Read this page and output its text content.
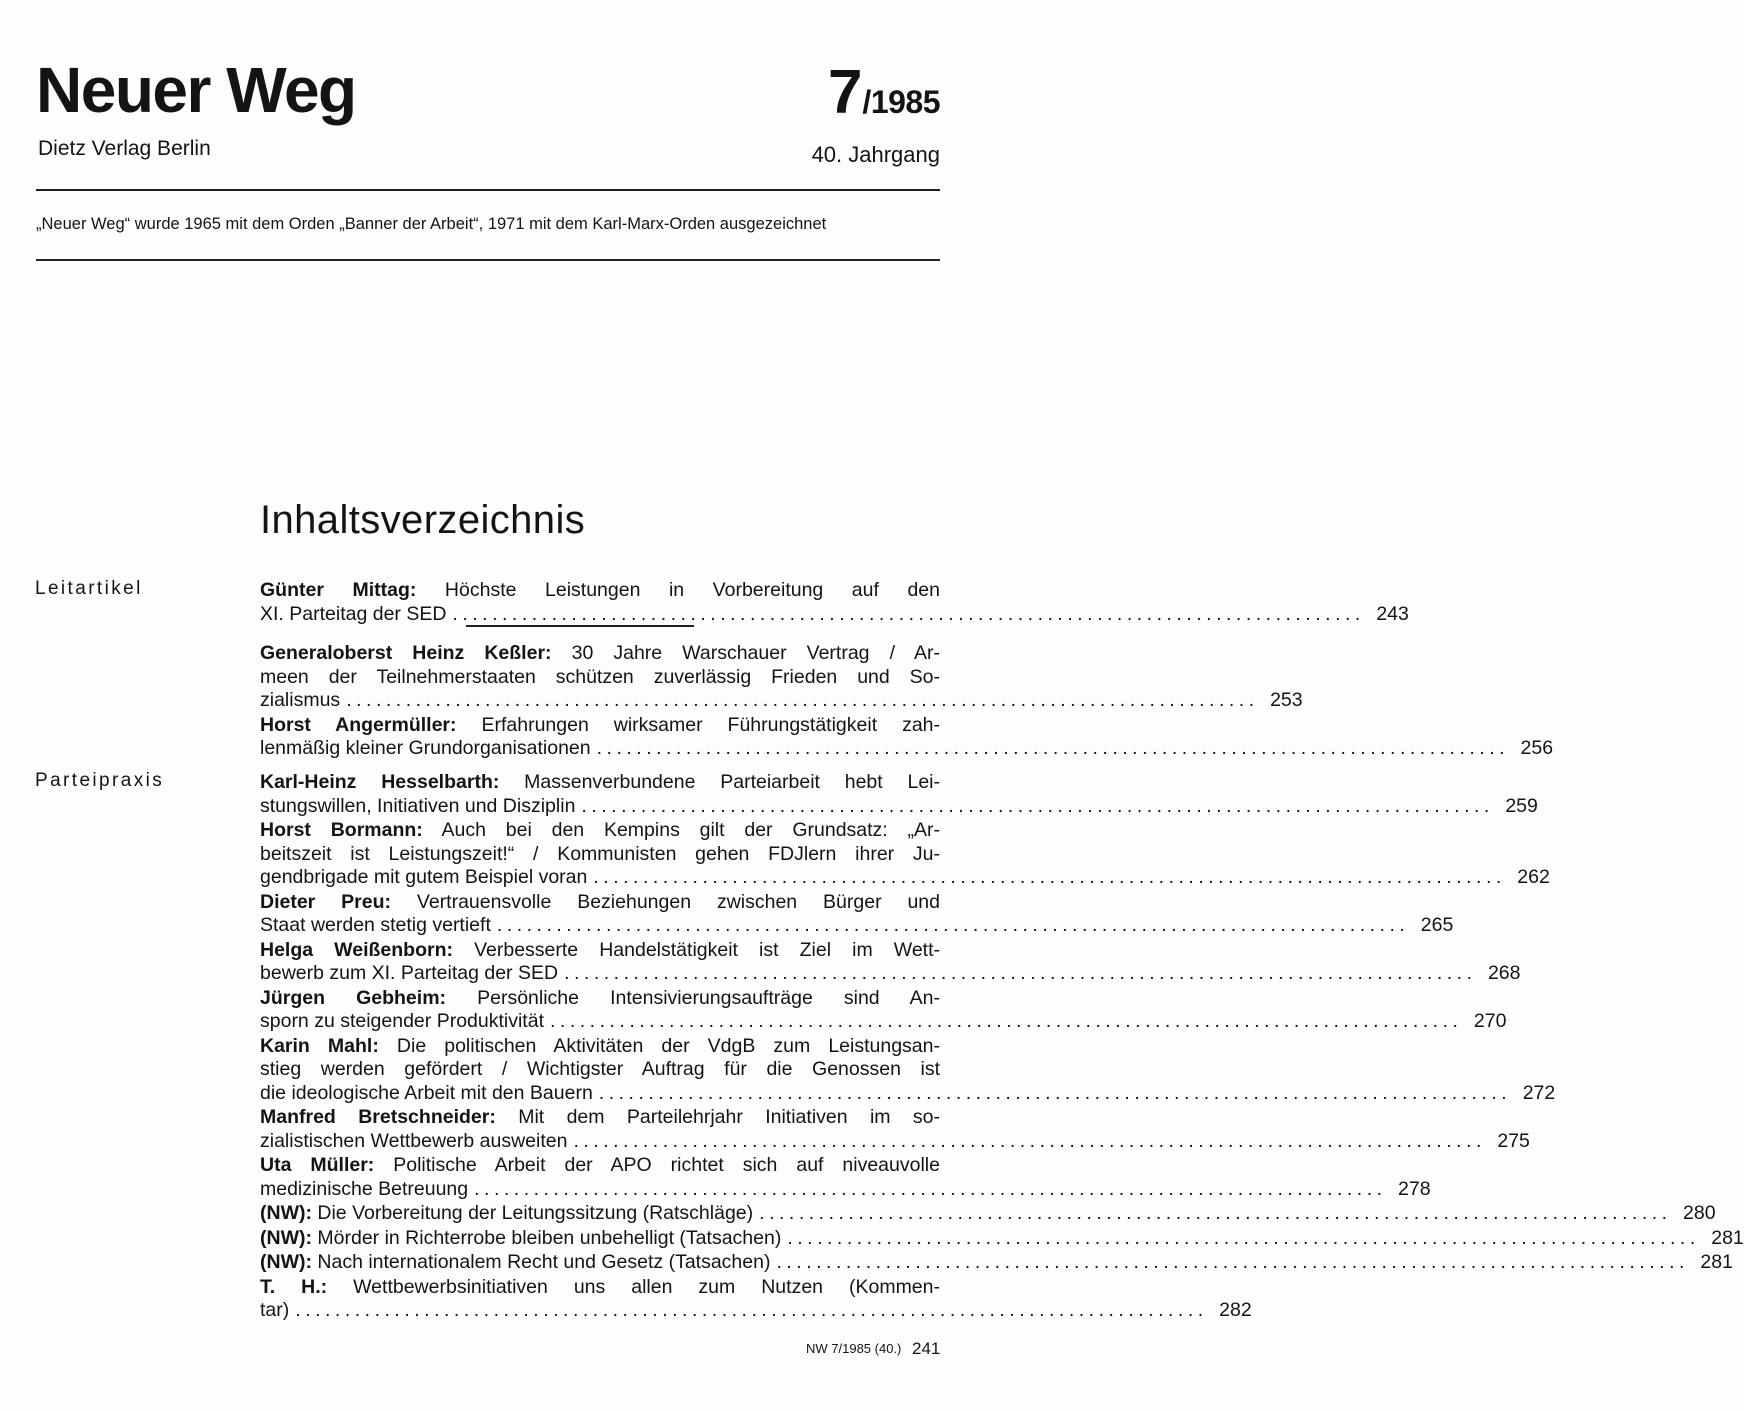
Neuer Weg	7/1985
Dietz Verlag Berlin	40. Jahrgang
„Neuer Weg“ wurde 1965 mit dem Orden „Banner der Arbeit“, 1971 mit dem Karl-Marx-Orden ausgezeichnet
Inhaltsverzeichnis
Leitartikel
Parteipraxis
Günter Mittag: Höchste Leistungen in Vorbereitung auf den
XI. Parteitag der SED ............................................................................................ 243
Generaloberst Heinz Keßler: 30 Jahre Warschauer Vertrag / Ar-
meen der Teilnehmerstaaten schützen zuverlässig Frieden und So-
zialismus ............................................................................................ 253
Horst Angermüller: Erfahrungen wirksamer Führungstätigkeit zah-
lenmäßig kleiner Grundorganisationen ............................................................................................ 256
Karl-Heinz Hesselbarth: Massenverbundene Parteiarbeit hebt Lei-
stungswillen, Initiativen und Disziplin ............................................................................................ 259
Horst Bormann: Auch bei den Kempins gilt der Grundsatz: „Ar-
beitszeit ist Leistungszeit!“ / Kommunisten gehen FDJlern ihrer Ju-
gendbrigade mit gutem Beispiel voran ............................................................................................ 262
Dieter Preu: Vertrauensvolle Beziehungen zwischen Bürger und
Staat werden stetig vertieft ............................................................................................ 265
Helga Weißenborn: Verbesserte Handelstätigkeit ist Ziel im Wett-
bewerb zum XI. Parteitag der SED ............................................................................................ 268
Jürgen Gebheim: Persönliche Intensivierungsaufträge sind An-
sporn zu steigender Produktivität ............................................................................................ 270
Karin Mahl: Die politischen Aktivitäten der VdgB zum Leistungsan-
stieg werden gefördert / Wichtigster Auftrag für die Genossen ist
die ideologische Arbeit mit den Bauern ............................................................................................ 272
Manfred Bretschneider: Mit dem Parteilehrjahr Initiativen im so-
zialistischen Wettbewerb ausweiten ............................................................................................ 275
Uta Müller: Politische Arbeit der APO richtet sich auf niveauvolle
medizinische Betreuung ............................................................................................ 278
(NW): Die Vorbereitung der Leitungssitzung (Ratschläge) ............................................................................................ 280
(NW): Mörder in Richterrobe bleiben unbehelligt (Tatsachen) ............................................................................................ 281
(NW): Nach internationalem Recht und Gesetz (Tatsachen) ............................................................................................ 281
T. H.: Wettbewerbsinitiativen uns allen zum Nutzen (Kommen-
tar) ............................................................................................ 282
NW 7/1985 (40.) 241
